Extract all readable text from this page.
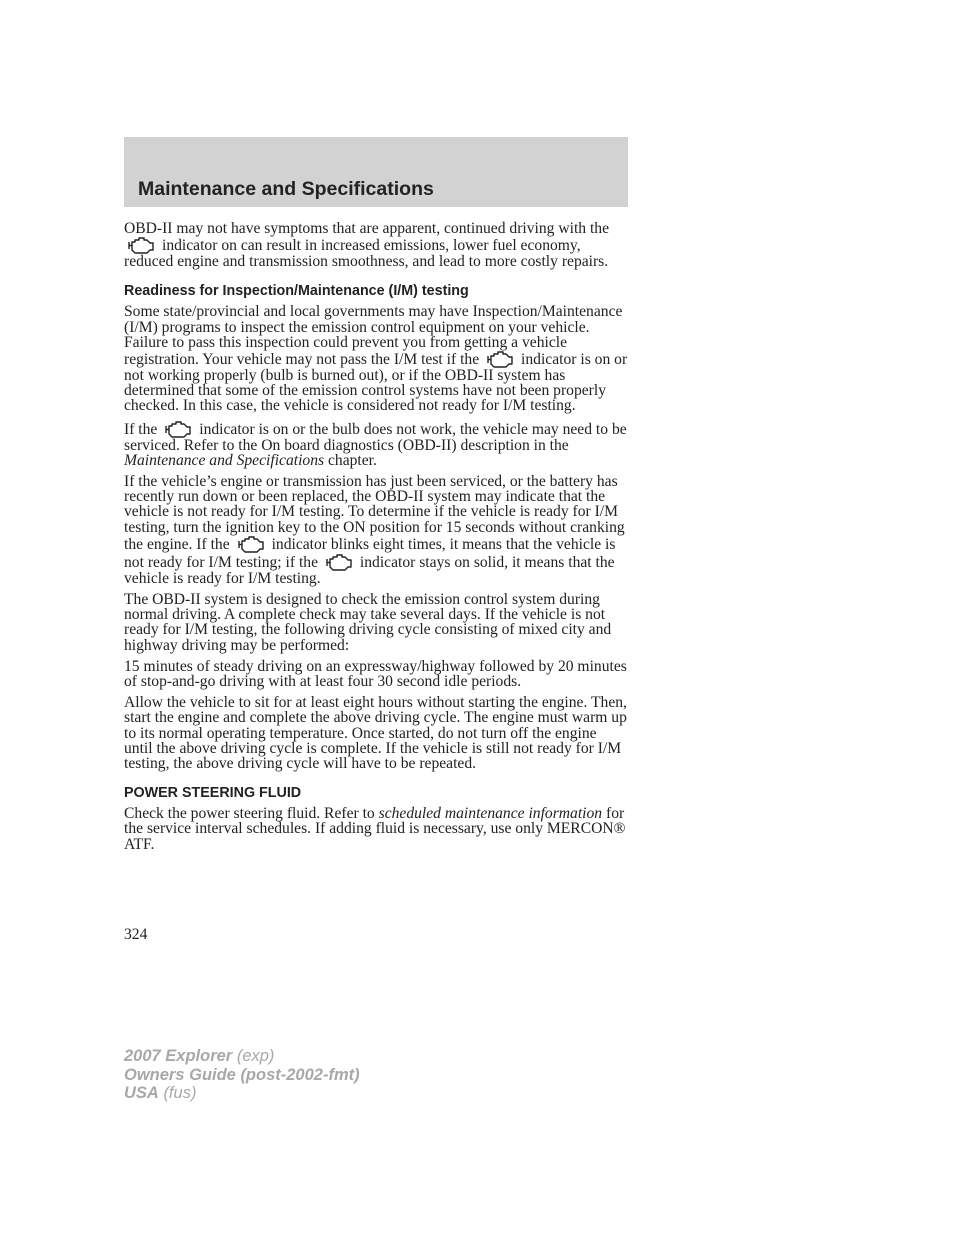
Maintenance and Specifications

OBD-II may not have symptoms that are apparent, continued driving with the
indicator on can result in increased emissions, lower fuel economy, reduced engine and transmission smoothness, and lead to more costly repairs.

Readiness for Inspection/Maintenance (I/M) testing

Some state/provincial and local governments may have Inspection/Maintenance (I/M) programs to inspect the emission control equipment on your vehicle. Failure to pass this inspection could prevent you from getting a vehicle registration. Your vehicle may not pass the I/M test if the	indicator is on or not working properly (bulb is burned out), or if the OBD-II system has determined that some of the emission control systems have not been properly checked. In this case, the vehicle is considered not ready for I/M testing.

If the	indicator is on or the bulb does not work, the vehicle may need to be serviced. Refer to the On board diagnostics (OBD-II) description in the Maintenance and Specifications chapter.

If the vehicle’s engine or transmission has just been serviced, or the battery has recently run down or been replaced, the OBD-II system may indicate that the vehicle is not ready for I/M testing. To determine if the vehicle is ready for I/M testing, turn the ignition key to the ON position for 15 seconds without cranking the engine. If the	indicator blinks eight times, it means that the vehicle is not ready for I/M testing; if the	indicator stays on solid, it means that the vehicle is ready for I/M testing.

The OBD-II system is designed to check the emission control system during normal driving. A complete check may take several days. If the vehicle is not ready for I/M testing, the following driving cycle consisting of mixed city and highway driving may be performed:

15 minutes of steady driving on an expressway/highway followed by 20 minutes of stop-and-go driving with at least four 30 second idle periods.

Allow the vehicle to sit for at least eight hours without starting the engine. Then, start the engine and complete the above driving cycle. The engine must warm up to its normal operating temperature. Once started, do not turn off the engine until the above driving cycle is complete. If the vehicle is still not ready for I/M testing, the above driving cycle will have to be repeated.

POWER STEERING FLUID

Check the power steering fluid. Refer to scheduled maintenance information for the service interval schedules. If adding fluid is necessary, use only MERCON® ATF.

324
2007 Explorer (exp)
Owners Guide (post-2002-fmt)
USA (fus)
